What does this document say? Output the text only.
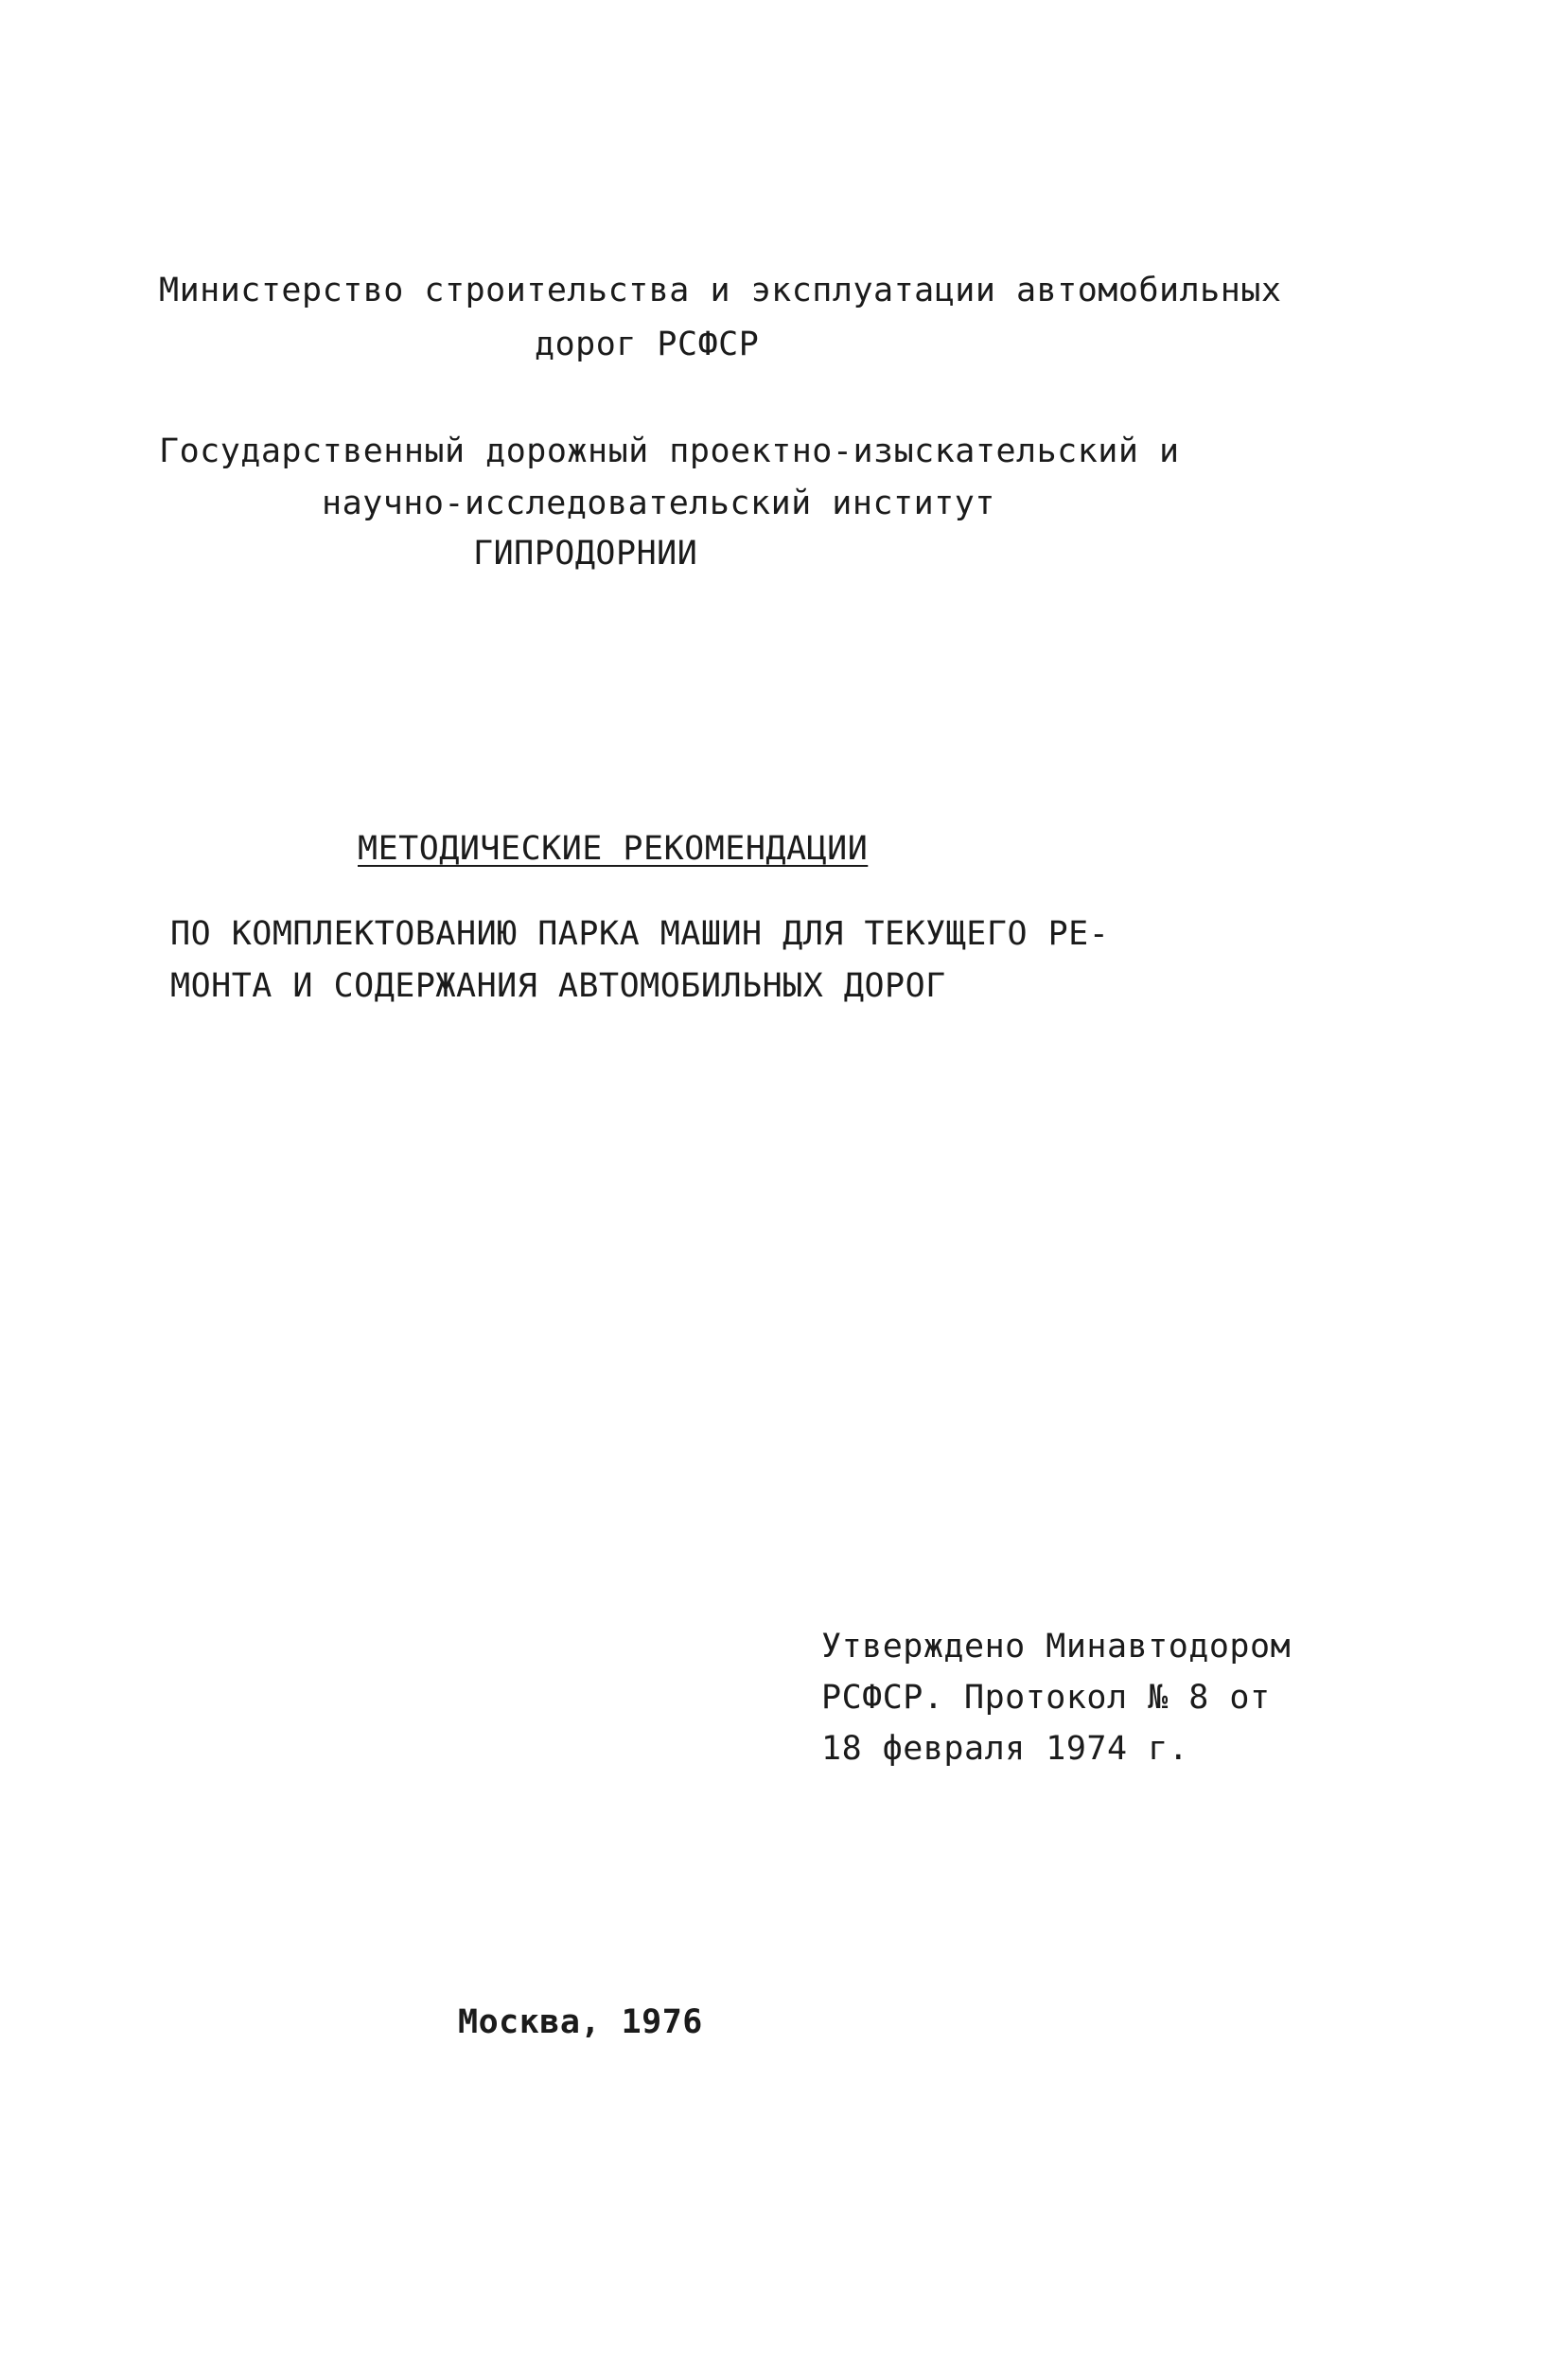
Министерство строительства и эксплуатации автомобильных
дорог РСФСР
Государственный дорожный проектно-изыскательский и
научно-исследовательский институт
ГИПРОДОРНИИ
МЕТОДИЧЕСКИЕ РЕКОМЕНДАЦИИ
ПО КОМПЛЕКТОВАНИЮ ПАРКА МАШИН ДЛЯ ТЕКУЩЕГО РЕ-
МОНТА И СОДЕРЖАНИЯ АВТОМОБИЛЬНЫХ ДОРОГ
Утверждено Минавтодором
РСФСР. Протокол № 8 от
18 февраля 1974 г.
Москва, 1976
